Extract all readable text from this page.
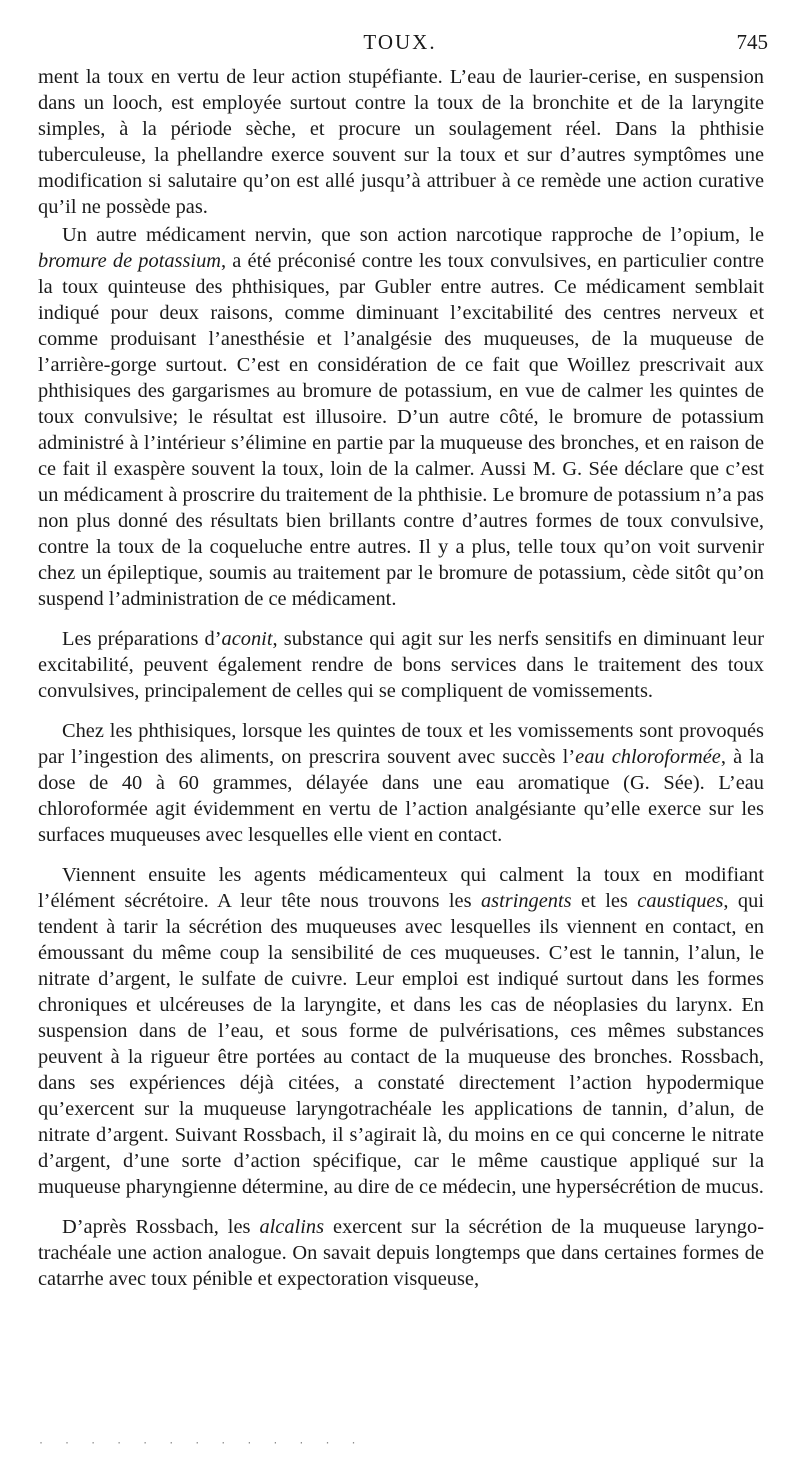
TOUX.	745

ment la toux en vertu de leur action stupéfiante. L’eau de laurier-cerise, en suspension dans un looch, est employée surtout contre la toux de la bronchite et de la laryngite simples, à la période sèche, et procure un soulagement réel. Dans la phthisie tuberculeuse, la phellandre exerce souvent sur la toux et sur d’autres symptômes une modification si salutaire qu’on est allé jusqu’à attribuer à ce remède une action curative qu’il ne possède pas.

Un autre médicament nervin, que son action narcotique rapproche de l’opium, le bromure de potassium, a été préconisé contre les toux convulsives, en particulier contre la toux quinteuse des phthisiques, par Gubler entre autres. Ce médicament semblait indiqué pour deux raisons, comme diminuant l’excitabilité des centres nerveux et comme produisant l’anesthésie et l’analgésie des muqueuses, de la muqueuse de l’arrière-gorge surtout. C’est en considération de ce fait que Woillez prescrivait aux phthisiques des gargarismes au bromure de potassium, en vue de calmer les quintes de toux convulsive; le résultat est illusoire. D’un autre côté, le bromure de potassium administré à l’intérieur s’élimine en partie par la muqueuse des bronches, et en raison de ce fait il exaspère souvent la toux, loin de la calmer. Aussi M. G. Sée déclare que c’est un médicament à proscrire du traitement de la phthisie. Le bromure de potassium n’a pas non plus donné des résultats bien brillants contre d’autres formes de toux convulsive, contre la toux de la coqueluche entre autres. Il y a plus, telle toux qu’on voit survenir chez un épileptique, soumis au traitement par le bromure de potassium, cède sitôt qu’on suspend l’administration de ce médicament.

Les préparations d’aconit, substance qui agit sur les nerfs sensitifs en diminuant leur excitabilité, peuvent également rendre de bons services dans le traitement des toux convulsives, principalement de celles qui se compliquent de vomissements.

Chez les phthisiques, lorsque les quintes de toux et les vomissements sont provoqués par l’ingestion des aliments, on prescrira souvent avec succès l’eau chloroformée, à la dose de 40 à 60 grammes, délayée dans une eau aromatique (G. Sée). L’eau chloroformée agit évidemment en vertu de l’action analgésiante qu’elle exerce sur les surfaces muqueuses avec lesquelles elle vient en contact.

Viennent ensuite les agents médicamenteux qui calment la toux en modifiant l’élément sécrétoire. A leur tête nous trouvons les astringents et les caustiques, qui tendent à tarir la sécrétion des muqueuses avec lesquelles ils viennent en contact, en émoussant du même coup la sensibilité de ces muqueuses. C’est le tannin, l’alun, le nitrate d’argent, le sulfate de cuivre. Leur emploi est indiqué surtout dans les formes chroniques et ulcéreuses de la laryngite, et dans les cas de néoplasies du larynx. En suspension dans de l’eau, et sous forme de pulvérisations, ces mêmes substances peuvent à la rigueur être portées au contact de la muqueuse des bronches. Rossbach, dans ses expériences déjà citées, a constaté directement l’action hypodermique qu’exercent sur la muqueuse laryngotrachéale les applications de tannin, d’alun, de nitrate d’argent. Suivant Rossbach, il s’agirait là, du moins en ce qui concerne le nitrate d’argent, d’une sorte d’action spécifique, car le même caustique appliqué sur la muqueuse pharyngienne détermine, au dire de ce médecin, une hypersécrétion de mucus.

D’après Rossbach, les alcalins exercent sur la sécrétion de la muqueuse laryngo-trachéale une action analogue. On savait depuis longtemps que dans certaines formes de catarrhe avec toux pénible et expectoration visqueuse,

· · · · · · · · · · · · ·
